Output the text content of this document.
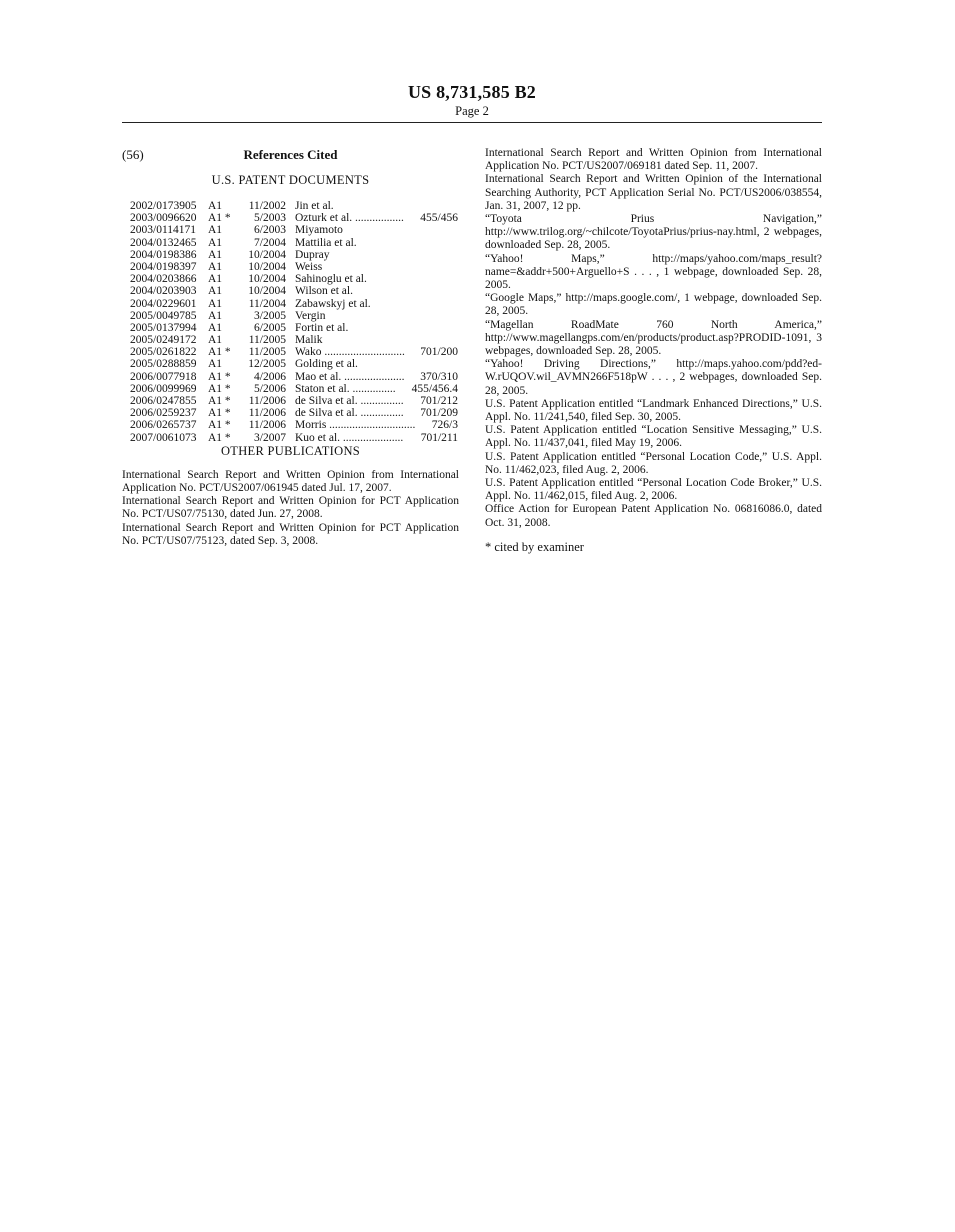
US 8,731,585 B2
Page 2
(56)	References Cited
U.S. PATENT DOCUMENTS
2002/0173905	A1	11/2002 Jin et al.
2003/0096620	A1 *	5/2003 Ozturk et al. .................	455/456
2003/0114171	A1	6/2003 Miyamoto
2004/0132465	A1	7/2004 Mattilia et al.
2004/0198386	A1	10/2004 Dupray
2004/0198397	A1	10/2004 Weiss
2004/0203866	A1	10/2004 Sahinoglu et al.
2004/0203903	A1	10/2004 Wilson et al.
2004/0229601	A1	11/2004 Zabawskyj et al.
2005/0049785	A1	3/2005 Vergin
2005/0137994	A1	6/2005 Fortin et al.
2005/0249172	A1	11/2005 Malik
2005/0261822	A1 *	11/2005 Wako ............................	701/200
2005/0288859	A1	12/2005 Golding et al.
2006/0077918	A1 *	4/2006 Mao et al. .....................	370/310
2006/0099969	A1 *	5/2006 Staton et al. ...............	455/456.4
2006/0247855	A1 *	11/2006 de Silva et al. ...............	701/212
2006/0259237	A1 *	11/2006 de Silva et al. ...............	701/209
2006/0265737	A1 *	11/2006 Morris ..............................	726/3
2007/0061073	A1 *	3/2007 Kuo et al. .....................	701/211
OTHER PUBLICATIONS

International Search Report and Written Opinion from International Application No. PCT/US2007/061945 dated Jul. 17, 2007.

International Search Report and Written Opinion for PCT Application No. PCT/US07/75130, dated Jun. 27, 2008.

International Search Report and Written Opinion for PCT Application No. PCT/US07/75123, dated Sep. 3, 2008.

International Search Report and Written Opinion from International Application No. PCT/US2007/069181 dated Sep. 11, 2007.

International Search Report and Written Opinion of the International Searching Authority, PCT Application Serial No. PCT/US2006/038554, Jan. 31, 2007, 12 pp.

“Toyota Prius Navigation,” http://www.trilog.org/~chilcote/ToyotaPrius/prius-nay.html, 2 webpages, downloaded Sep. 28, 2005.

“Yahoo! Maps,” http://maps/yahoo.com/maps_result?name=&addr+500+Arguello+S . . . , 1 webpage, downloaded Sep. 28, 2005.

“Google Maps,” http://maps.google.com/, 1 webpage, downloaded Sep. 28, 2005.

“Magellan RoadMate 760 North America,” http://www.magellangps.com/en/products/product.asp?PRODID-1091, 3 webpages, downloaded Sep. 28, 2005.

“Yahoo! Driving Directions,” http://maps.yahoo.com/pdd?ed-W.rUQOV.wil_AVMN266F518pW . . . , 2 webpages, downloaded Sep. 28, 2005.

U.S. Patent Application entitled “Landmark Enhanced Directions,” U.S. Appl. No. 11/241,540, filed Sep. 30, 2005.

U.S. Patent Application entitled “Location Sensitive Messaging,” U.S. Appl. No. 11/437,041, filed May 19, 2006.

U.S. Patent Application entitled “Personal Location Code,” U.S. Appl. No. 11/462,023, filed Aug. 2, 2006.

U.S. Patent Application entitled “Personal Location Code Broker,” U.S. Appl. No. 11/462,015, filed Aug. 2, 2006.

Office Action for European Patent Application No. 06816086.0, dated Oct. 31, 2008.

* cited by examiner
